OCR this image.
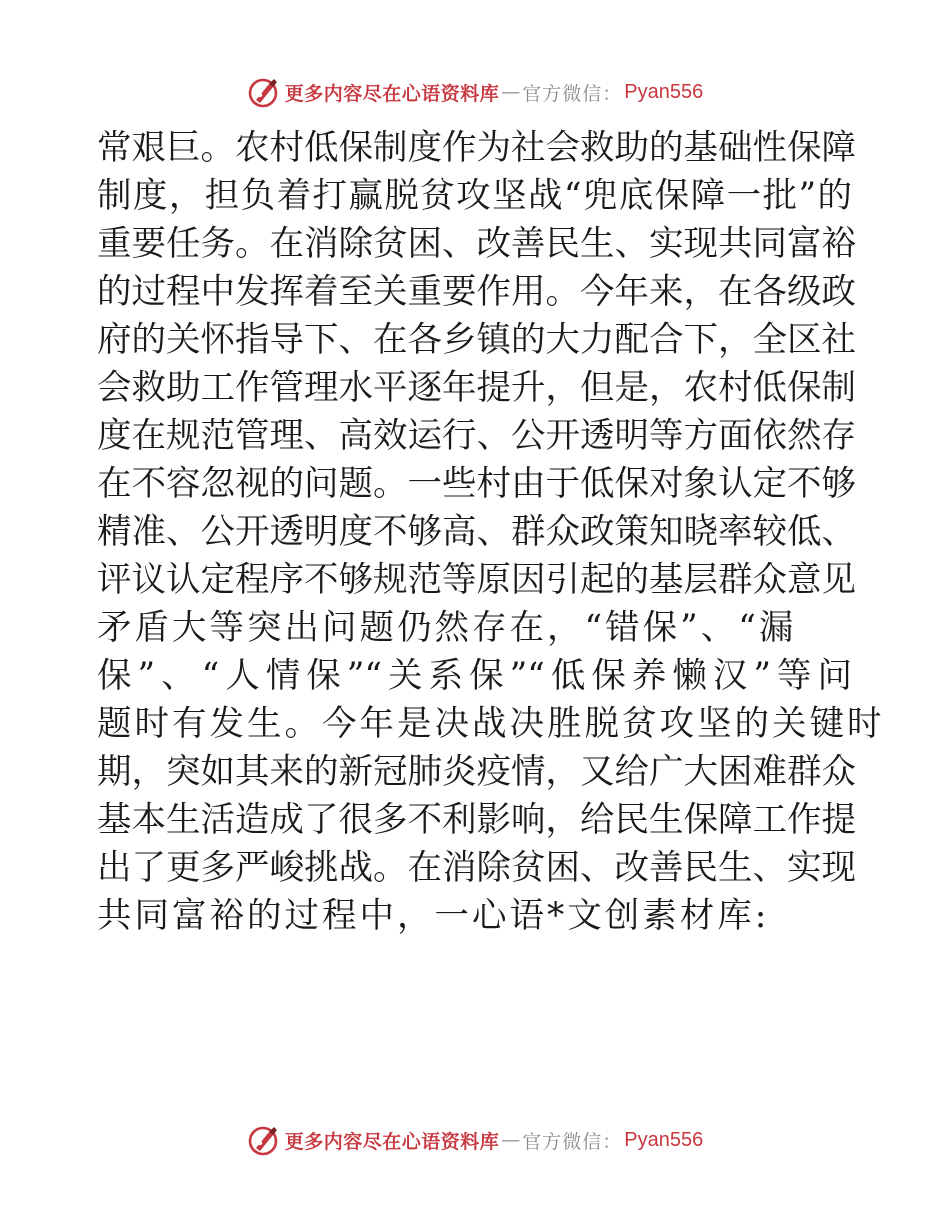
更多内容尽在心语资料库 — 官方微信： Pyan556
常艰巨。农村低保制度作为社会救助的基础性保障
制度，担负着打赢脱贫攻坚战“兜底保障一批”的
重要任务。在消除贫困、改善民生、实现共同富裕
的过程中发挥着至关重要作用。今年来，在各级政
府的关怀指导下、在各乡镇的大力配合下，全区社
会救助工作管理水平逐年提升，但是，农村低保制
度在规范管理、高效运行、公开透明等方面依然存
在不容忽视的问题。一些村由于低保对象认定不够
精准、公开透明度不够高、群众政策知晓率较低、
评议认定程序不够规范等原因引起的基层群众意见
矛盾大等突出问题仍然存在，“错保”、“漏
保”、“人情保”“关系保”“低保养懒汉”等问
题时有发生。今年是决战决胜脱贫攻坚的关键时
期，突如其来的新冠肺炎疫情，又给广大困难群众
基本生活造成了很多不利影响，给民生保障工作提
出了更多严峻挑战。在消除贫困、改善民生、实现
共同富裕的过程中，一心语*文创素材库:
更多内容尽在心语资料库 — 官方微信： Pyan556
